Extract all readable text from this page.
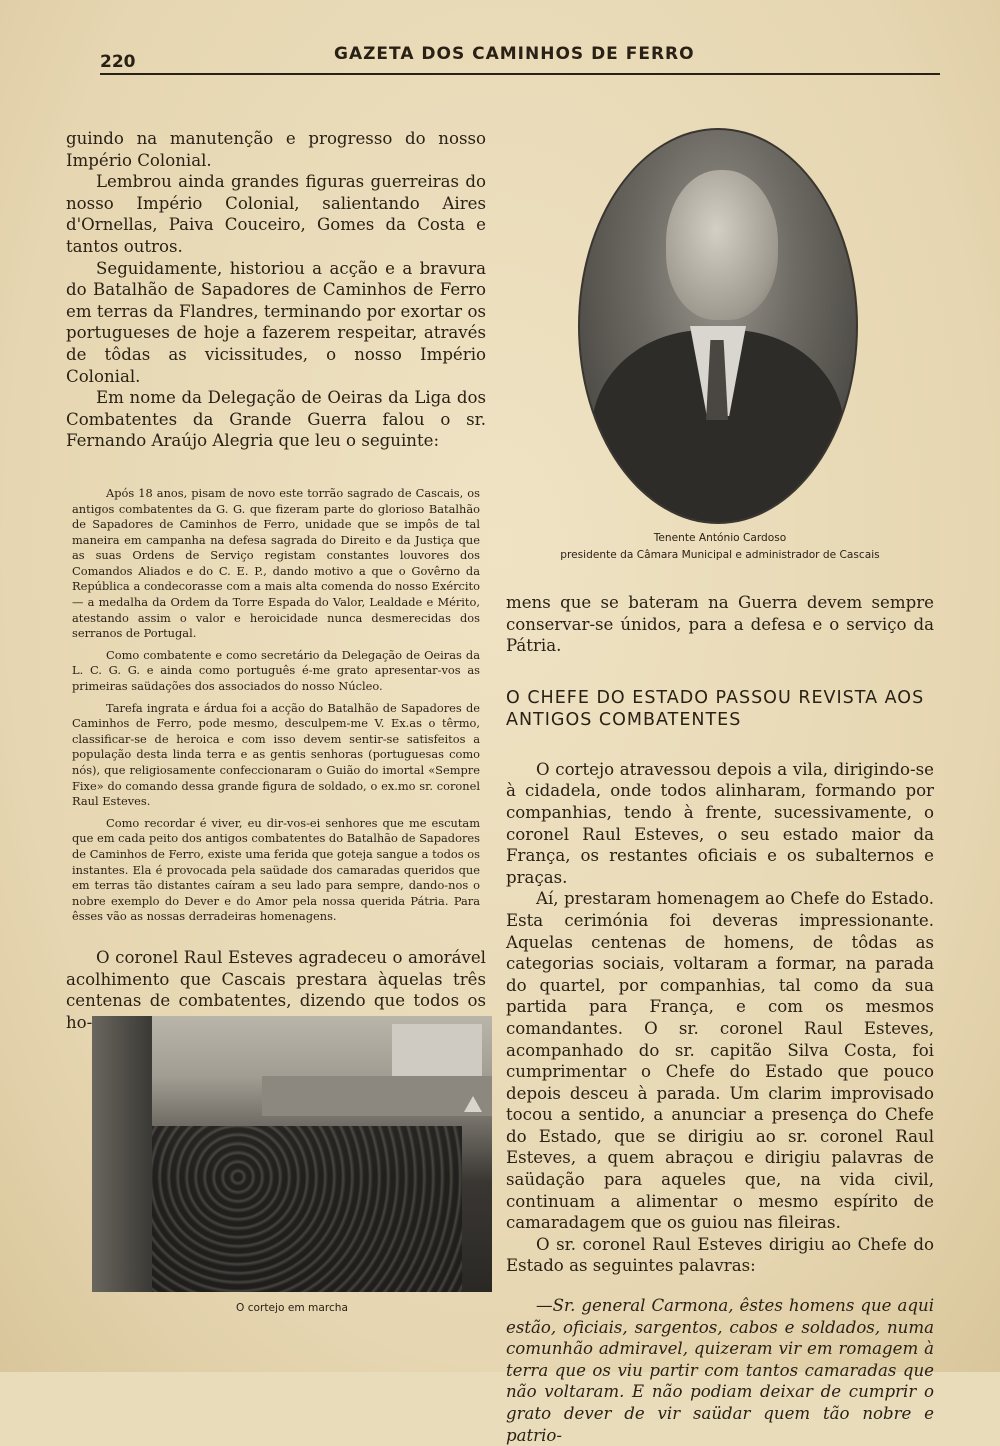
220	GAZETA DOS CAMINHOS DE FERRO

guindo na manutenção e progresso do nosso Império Colonial.

Lembrou ainda grandes figuras guerreiras do nosso Império Colonial, salientando Aires d'Ornellas, Paiva Couceiro, Gomes da Costa e tantos outros.

Seguidamente, historiou a acção e a bravura do Batalhão de Sapadores de Caminhos de Ferro em terras da Flandres, terminando por exortar os portugueses de hoje a fazerem respeitar, através de tôdas as vicissitudes, o nosso Império Colonial.

Em nome da Delegação de Oeiras da Liga dos Combatentes da Grande Guerra falou o sr. Fernando Araújo Alegria que leu o seguinte:

Após 18 anos, pisam de novo este torrão sagrado de Cascais, os antigos combatentes da G. G. que fizeram parte do glorioso Batalhão de Sapadores de Caminhos de Ferro, unidade que se impôs de tal maneira em campanha na defesa sagrada do Direito e da Justiça que as suas Ordens de Serviço registam constantes louvores dos Comandos Aliados e do C. E. P., dando motivo a que o Govêrno da República a condecorasse com a mais alta comenda do nosso Exército — a medalha da Ordem da Torre Espada do Valor, Lealdade e Mérito, atestando assim o valor e heroicidade nunca desmerecidas dos serranos de Portugal.

Como combatente e como secretário da Delegação de Oeiras da L. C. G. G. e ainda como português é-me grato apresentar-vos as primeiras saüdações dos associados do nosso Núcleo.

Tarefa ingrata e árdua foi a acção do Batalhão de Sapadores de Caminhos de Ferro, pode mesmo, desculpem-me V. Ex.as o têrmo, classificar-se de heroica e com isso devem sentir-se satisfeitos a população desta linda terra e as gentis senhoras (portuguesas como nós), que religiosamente confeccionaram o Guião do imortal «Sempre Fixe» do comando dessa grande figura de soldado, o ex.mo sr. coronel Raul Esteves.

Como recordar é viver, eu dir-vos-ei senhores que me escutam que em cada peito dos antigos combatentes do Batalhão de Sapadores de Caminhos de Ferro, existe uma ferida que goteja sangue a todos os instantes. Ela é provocada pela saüdade dos camaradas queridos que em terras tão distantes caíram a seu lado para sempre, dando-nos o nobre exemplo do Dever e do Amor pela nossa querida Pátria. Para êsses vão as nossas derradeiras homenagens.

O coronel Raul Esteves agradeceu o amorável acolhimento que Cascais prestara àquelas três centenas de combatentes, dizendo que todos os ho-

Tenente António Cardoso
presidente da Câmara Municipal e administrador de Cascais
O cortejo em marcha

mens que se bateram na Guerra devem sempre conservar-se únidos, para a defesa e o serviço da Pátria.

O CHEFE DO ESTADO PASSOU REVISTA AOS ANTIGOS COMBATENTES

O cortejo atravessou depois a vila, dirigindo-se à cidadela, onde todos alinharam, formando por companhias, tendo à frente, sucessivamente, o coronel Raul Esteves, o seu estado maior da França, os restantes oficiais e os subalternos e praças.

Aí, prestaram homenagem ao Chefe do Estado. Esta cerimónia foi deveras impressionante. Aquelas centenas de homens, de tôdas as categorias sociais, voltaram a formar, na parada do quartel, por companhias, tal como da sua partida para França, e com os mesmos comandantes. O sr. coronel Raul Esteves, acompanhado do sr. capitão Silva Costa, foi cumprimentar o Chefe do Estado que pouco depois desceu à parada. Um clarim improvisado tocou a sentido, a anunciar a presença do Chefe do Estado, que se dirigiu ao sr. coronel Raul Esteves, a quem abraçou e dirigiu palavras de saüdação para aqueles que, na vida civil, continuam a alimentar o mesmo espírito de camaradagem que os guiou nas fileiras.

O sr. coronel Raul Esteves dirigiu ao Chefe do Estado as seguintes palavras:

—Sr. general Carmona, êstes homens que aqui estão, oficiais, sargentos, cabos e soldados, numa comunhão admiravel, quizeram vir em romagem à terra que os viu partir com tantos camaradas que não voltaram. E não podiam deixar de cumprir o grato dever de vir saüdar quem tão nobre e patrio-
